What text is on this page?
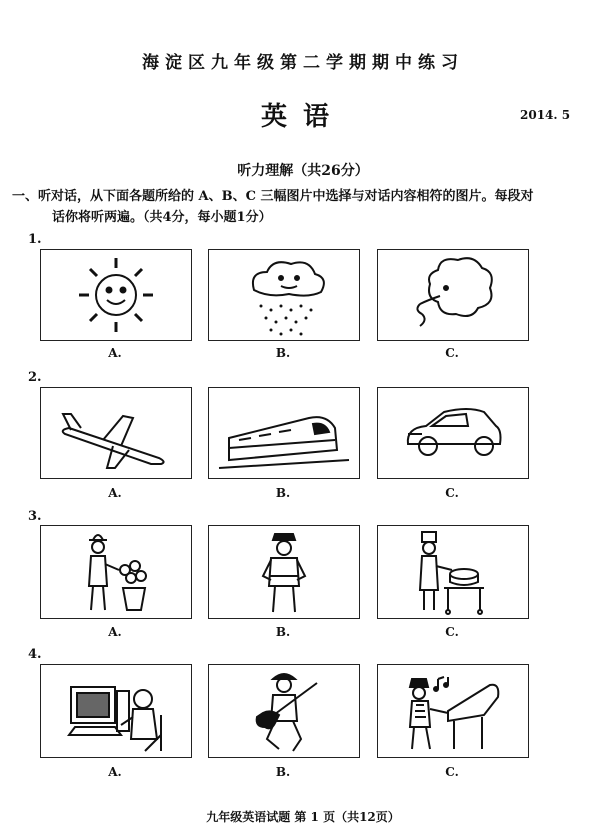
海淀区九年级第二学期期中练习
英语	2014. 5
听力理解（共26分）
一、听对话，从下面各题所给的 A、B、C 三幅图片中选择与对话内容相符的图片。每段对
话你将听两遍。（共4分，每小题1分）
1.
A.	B.	C.
2.
A.	B.	C.
3.
A.	B.	C.
4.
A.	B.	C.
九年级英语试题 第 1 页（共12页）
